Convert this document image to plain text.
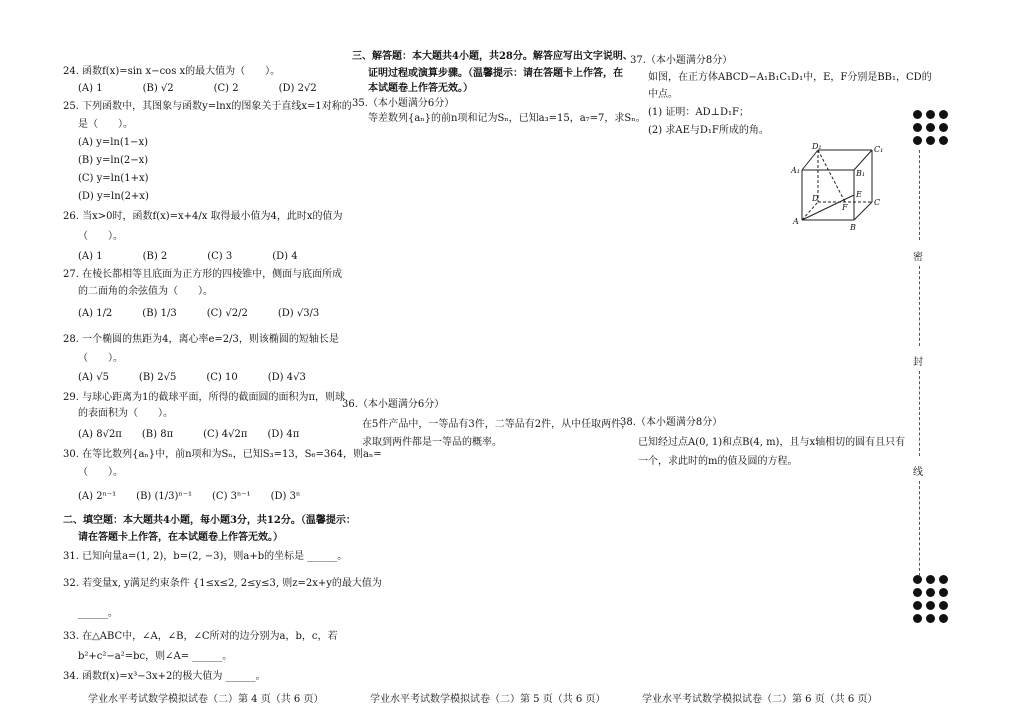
24. 函数f(x)=sin x−cos x的最大值为（　　）。
(A) 1　　　　(B) √2　　　　(C) 2　　　　(D) 2√2
25. 下列函数中，其图象与函数y=lnx的图象关于直线x=1对称的
是（　　）。
(A) y=ln(1−x)
(B) y=ln(2−x)
(C) y=ln(1+x)
(D) y=ln(2+x)
26. 当x>0时，函数f(x)=x+4/x 取得最小值为4，此时x的值为
（　　）。
(A) 1　　　　(B) 2　　　　(C) 3　　　　(D) 4
27. 在棱长都相等且底面为正方形的四棱锥中，侧面与底面所成
的二面角的余弦值为（　　）。
(A) 1/2　　　(B) 1/3　　　(C) √2/2　　　(D) √3/3
28. 一个椭圆的焦距为4，离心率e=2/3，则该椭圆的短轴长是
（　　）。
(A) √5　　　(B) 2√5　　　(C) 10　　　(D) 4√3
29. 与球心距离为1的截球平面，所得的截面圆的面积为π，则球
的表面积为（　　）。
(A) 8√2π　　(B) 8π　　　(C) 4√2π　　(D) 4π
30. 在等比数列{aₙ}中，前n项和为Sₙ，已知S₃=13，S₆=364，则aₙ=
（　　）。
(A) 2ⁿ⁻¹　　(B) (1/3)ⁿ⁻¹　　(C) 3ⁿ⁻¹　　(D) 3ⁿ
二、填空题：本大题共4小题，每小题3分，共12分。（温馨提示：
请在答题卡上作答，在本试题卷上作答无效。）
31. 已知向量a=(1, 2)，b=(2, −3)，则a+b的坐标是 ______。
32. 若变量x, y满足约束条件 {1≤x≤2, 2≤y≤3, 则z=2x+y的最大值为
______。
33. 在△ABC中，∠A，∠B，∠C所对的边分别为a，b，c，若
b²+c²−a²=bc，则∠A= ______。
34. 函数f(x)=x³−3x+2的极大值为 ______。
学业水平考试数学模拟试卷（二）第 4 页（共 6 页）
三、解答题：本大题共4小题，共28分。解答应写出文字说明、
证明过程或演算步骤。（温馨提示：请在答题卡上作答，在
本试题卷上作答无效。）
35.（本小题满分6分）
等差数列{aₙ}的前n项和记为Sₙ，已知a₃=15，a₇=7，求Sₙ。
36.（本小题满分6分）
在5件产品中，一等品有3件，二等品有2件，从中任取两件，
求取到两件都是一等品的概率。
学业水平考试数学模拟试卷（二）第 5 页（共 6 页）
37.（本小题满分8分）
如图，在正方体ABCD−A₁B₁C₁D₁中，E，F分别是BB₁，CD的
中点。
(1) 证明：AD⊥D₁F；
(2) 求AE与D₁F所成的角。
D₁	C₁
A₁	B₁
D	C
A
B
E
F
38.（本小题满分8分）
已知经过点A(0, 1)和点B(4, m)，且与x轴相切的圆有且只有
一个，求此时的m的值及圆的方程。
学业水平考试数学模拟试卷（二）第 6 页（共 6 页）
密
封
线
